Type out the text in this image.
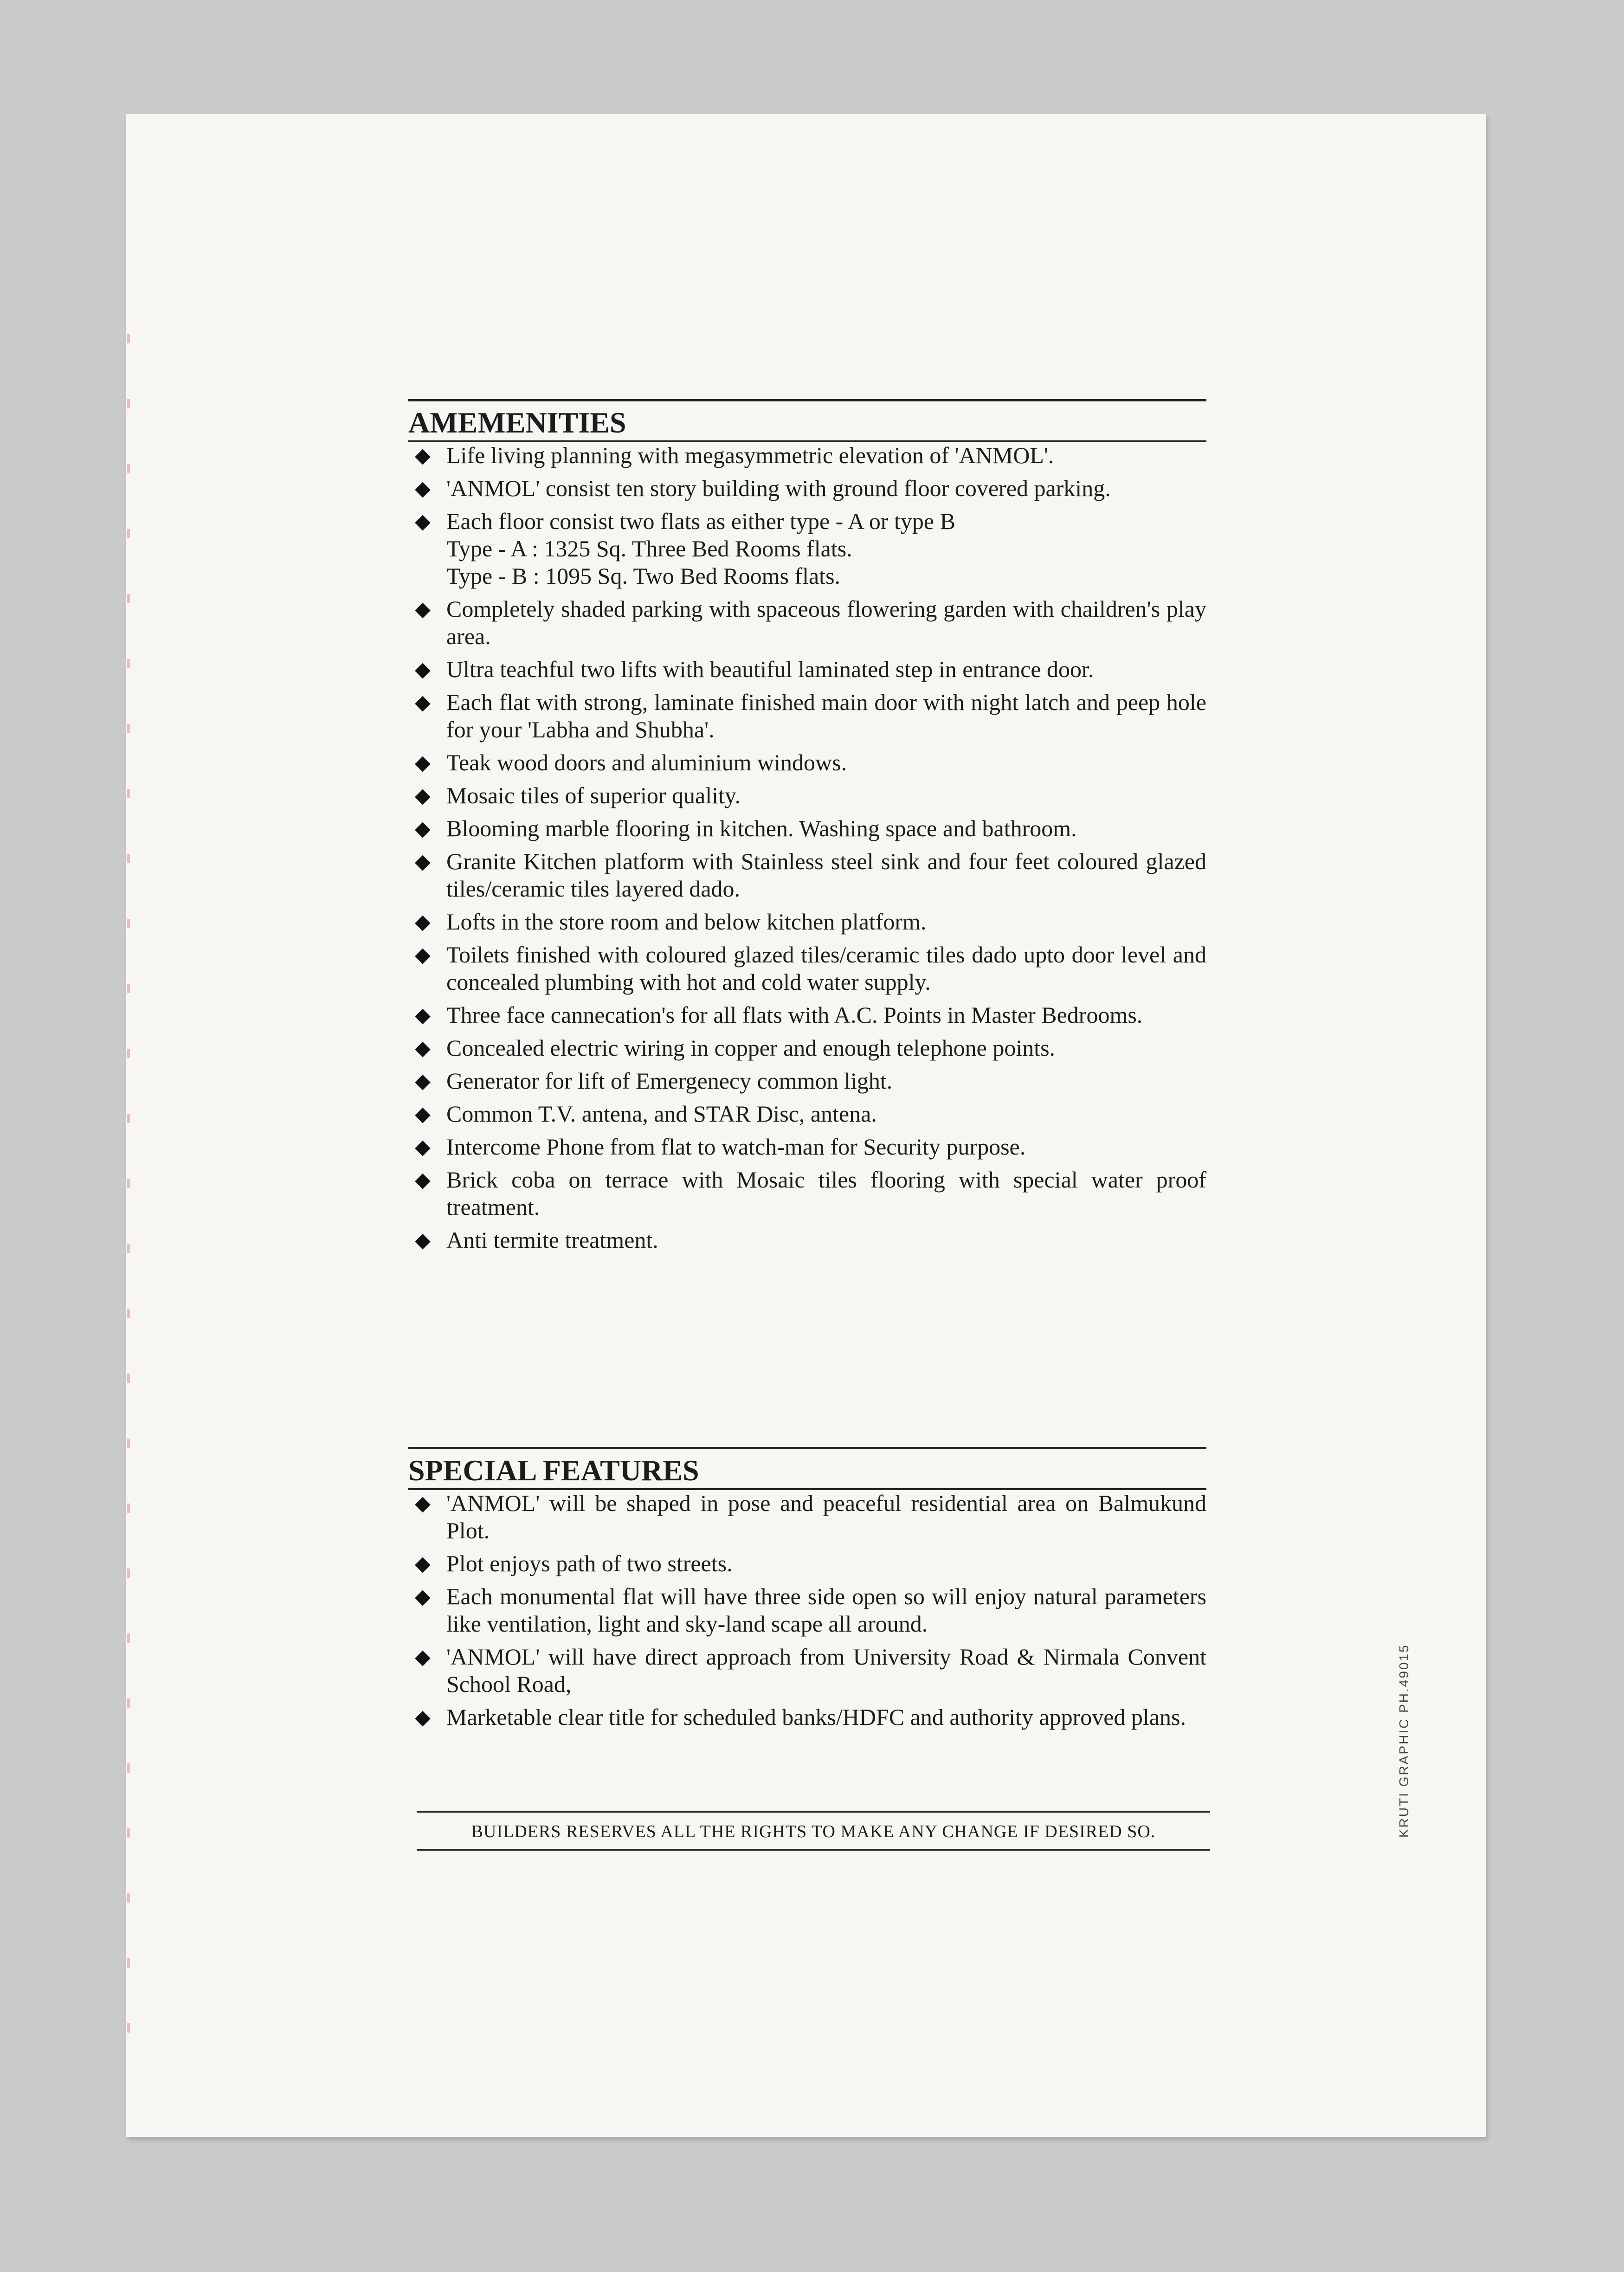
AMEMENITIES
◆ Life living planning with megasymmetric elevation of 'ANMOL'.
◆ 'ANMOL' consist ten story building with ground floor covered parking.
◆ Each floor consist two flats as either type - A or type B
Type - A : 1325 Sq. Three Bed Rooms flats.
Type - B : 1095 Sq. Two Bed Rooms flats.
◆ Completely shaded parking with spaceous flowering garden with chaildren's play area.
◆ Ultra teachful two lifts with beautiful laminated step in entrance door.
◆ Each flat with strong, laminate finished main door with night latch and peep hole for your 'Labha and Shubha'.
◆ Teak wood doors and aluminium windows.
◆ Mosaic tiles of superior quality.
◆ Blooming marble flooring in kitchen. Washing space and bathroom.
◆ Granite Kitchen platform with Stainless steel sink and four feet coloured glazed tiles/ceramic tiles layered dado.
◆ Lofts in the store room and below kitchen platform.
◆ Toilets finished with coloured glazed tiles/ceramic tiles dado upto door level and concealed plumbing with hot and cold water supply.
◆ Three face cannecation's for all flats with A.C. Points in Master Bedrooms.
◆ Concealed electric wiring in copper and enough telephone points.
◆ Generator for lift of Emergenecy common light.
◆ Common T.V. antena, and STAR Disc, antena.
◆ Intercome Phone from flat to watch-man for Security purpose.
◆ Brick coba on terrace with Mosaic tiles flooring with special water proof treatment.
◆ Anti termite treatment.
SPECIAL FEATURES
◆ 'ANMOL' will be shaped in pose and peaceful residential area on Balmukund Plot.
◆ Plot enjoys path of two streets.
◆ Each monumental flat will have three side open so will enjoy natural parameters like ventilation, light and sky-land scape all around.
◆ 'ANMOL' will have direct approach from University Road & Nirmala Convent School Road,
◆ Marketable clear title for scheduled banks/HDFC and authority approved plans.
BUILDERS RESERVES ALL THE RIGHTS TO MAKE ANY CHANGE IF DESIRED SO.	KRUTI GRAPHIC PH.49015
